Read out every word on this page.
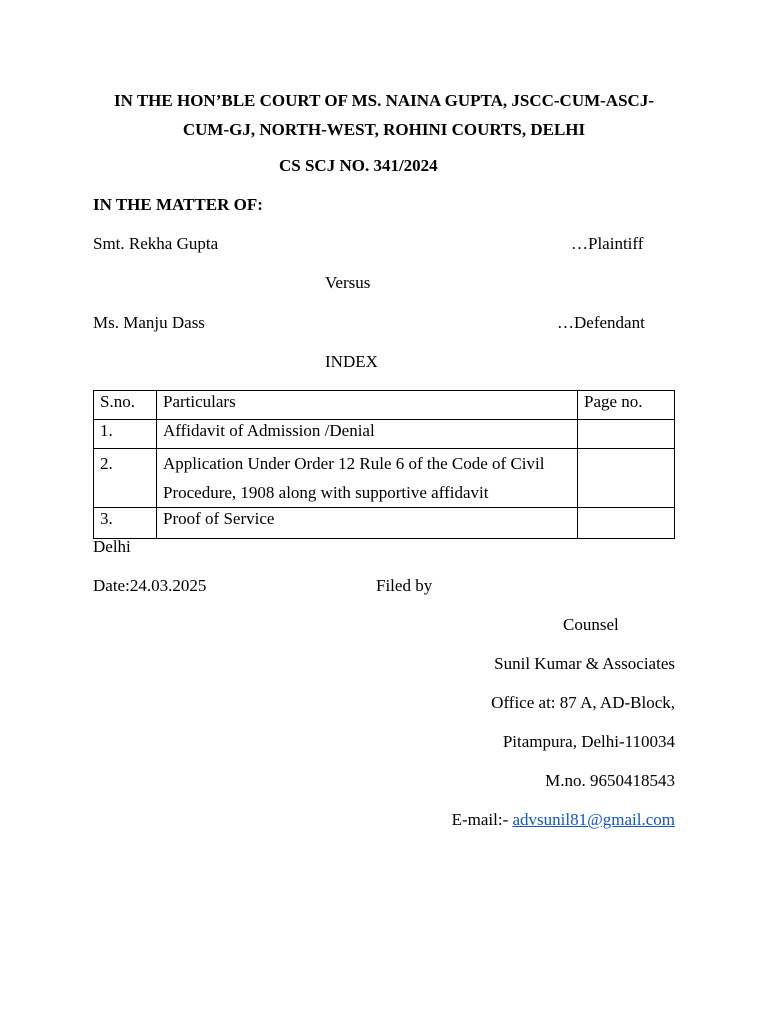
IN THE HON’BLE COURT OF MS. NAINA GUPTA, JSCC-CUM-ASCJ-
CUM-GJ, NORTH-WEST, ROHINI COURTS, DELHI
CS SCJ NO. 341/2024
IN THE MATTER OF:
Smt. Rekha Gupta	…Plaintiff
Versus
Ms. Manju Dass	…Defendant
INDEX
S.no.	Particulars	Page no.
1.	Affidavit of Admission /Denial	
2.	Application Under Order 12 Rule 6 of the Code of Civil Procedure, 1908 along with supportive affidavit	
3.	Proof of Service	
Delhi
Date:24.03.2025	Filed by
Counsel
Sunil Kumar & Associates
Office at: 87 A, AD-Block,
Pitampura, Delhi-110034
M.no. 9650418543
E-mail:- advsunil81@gmail.com
